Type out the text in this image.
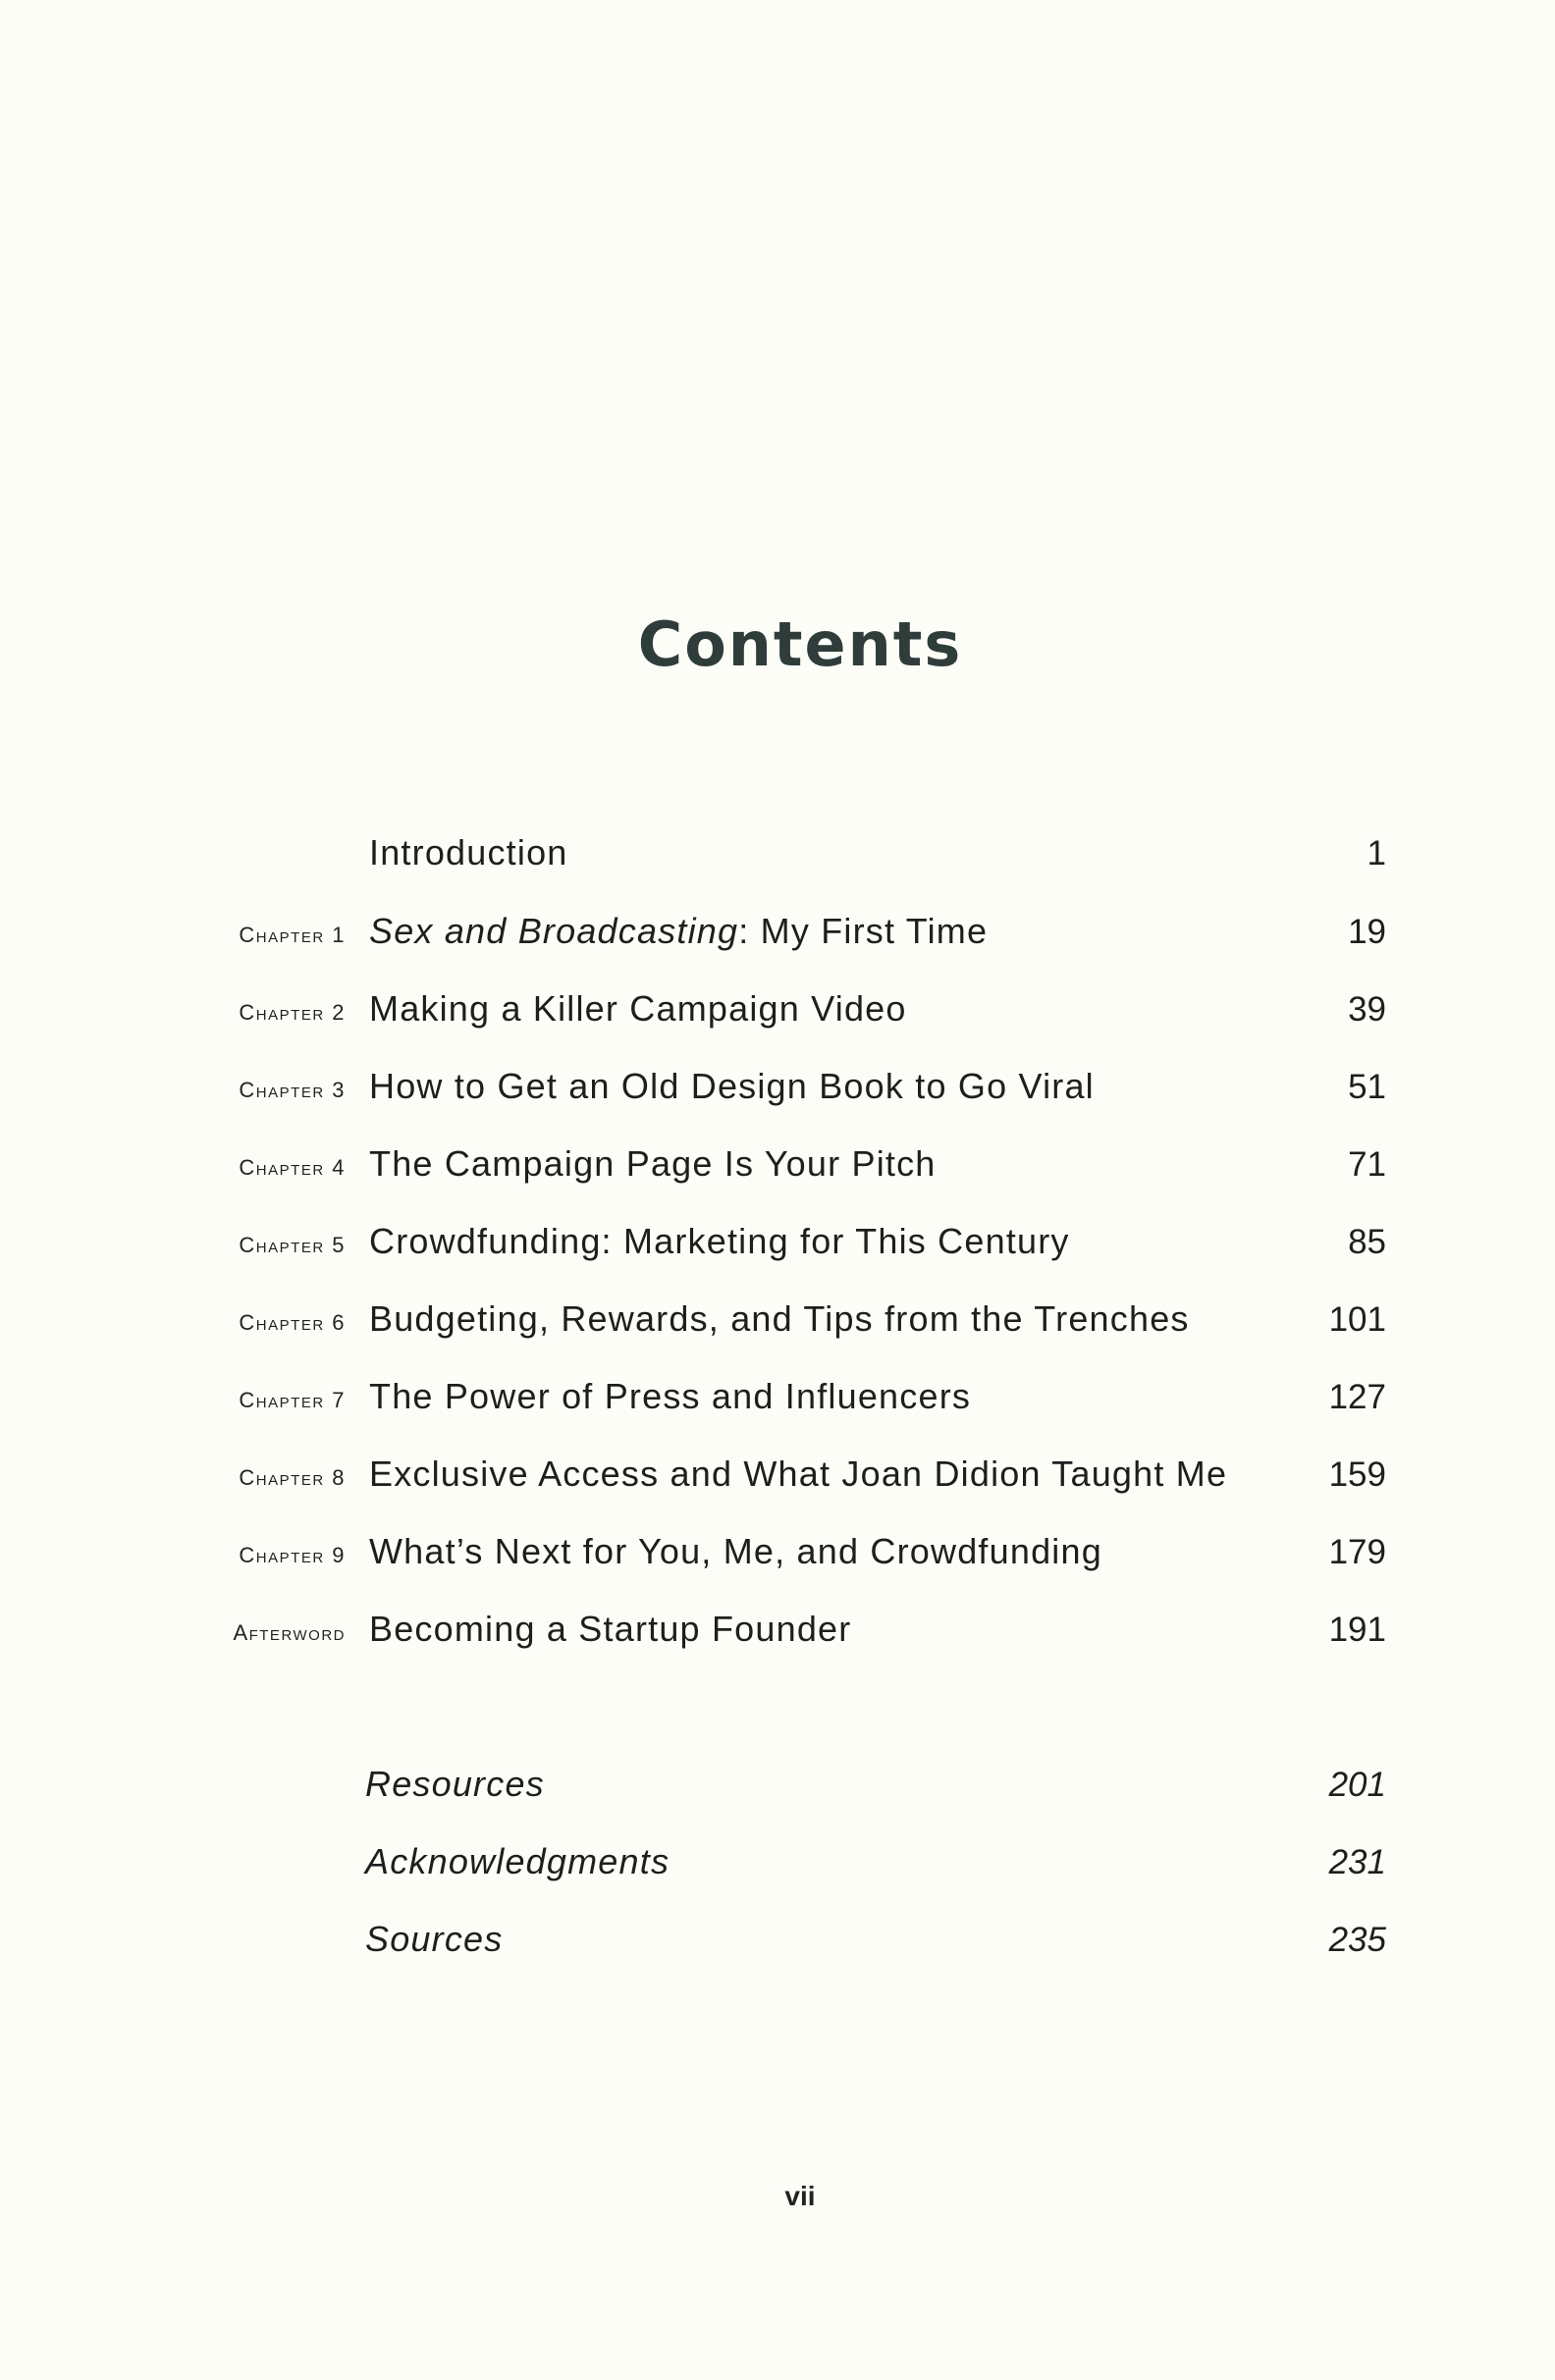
Contents
Introduction	1
Chapter 1 Sex and Broadcasting: My First Time	19
Chapter 2 Making a Killer Campaign Video	39
Chapter 3 How to Get an Old Design Book to Go Viral	51
Chapter 4 The Campaign Page Is Your Pitch	71
Chapter 5 Crowdfunding: Marketing for This Century	85
Chapter 6 Budgeting, Rewards, and Tips from the Trenches	101
Chapter 7 The Power of Press and Influencers	127
Chapter 8 Exclusive Access and What Joan Didion Taught Me	159
Chapter 9 What’s Next for You, Me, and Crowdfunding	179
Afterword Becoming a Startup Founder	191
Resources	201
Acknowledgments	231
Sources	235
vii
